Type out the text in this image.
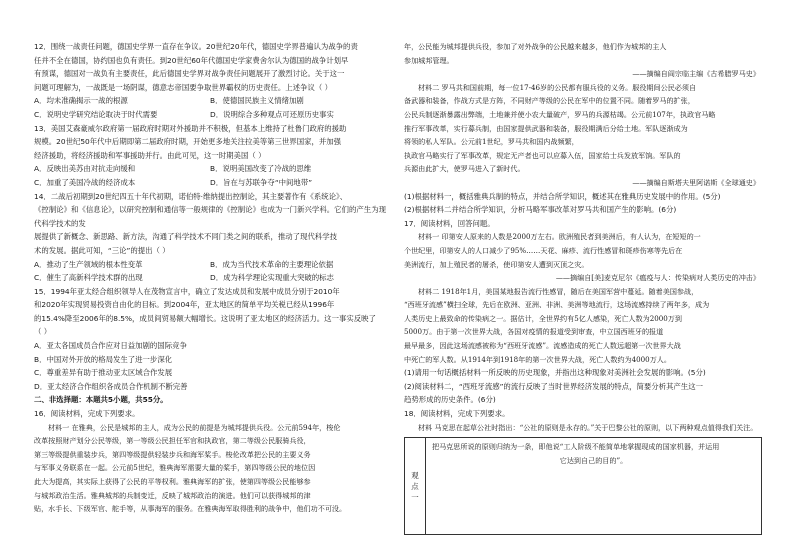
12．围绕一战责任问题，德国史学界一直存在争议。20世纪20年代，德国史学界普遍认为战争的责

任并不全在德国，协约国也负有责任。到20世纪60年代德国史学家费舍尔认为德国的战争计划早

有预谋，德国对一战负有主要责任，此后德国史学界对战争责任问题展开了激烈讨论。关于这一

问题可理解为，一战既是一场阴谋，德意志帝国要争取世界霸权的历史责任。上述争议（ ）

A．均未准确揭示一战的根源	B．使德国民族主义情绪加剧
C．说明史学研究结论取决于时代需要	D．说明综合多种观点可还原历史事实

13．美国艾森豪威尔政府第一届政府时期对外援助并不积极，但基本上维持了杜鲁门政府的援助

规模。20世纪50年代中后期即第二届政府时期，开始更多地关注拉美等第三世界国家，并加强

经济援助，将经济援助和军事援助并行。由此可见，这一时期美国（ ）

A．反映出美苏由对抗走向缓和	B．说明美国改变了冷战的思维
C．加重了美国冷战的经济成本	D．旨在与苏联争夺“中间地带”

14．二战后初期到20世纪四五十年代初期，诺伯特·维纳提出控制论，其主要著作有《系统论》、

《控制论》和《信息论》，以研究控制和通信等一般规律的《控制论》也成为一门新兴学科。它们的产生为现代科学技术的发

展提供了新概念、新思路、新方法，沟通了科学技术不同门类之间的联系，推动了现代科学技

术的发展。据此可知，“三论”的提出（ ）

A．推动了生产领域的根本性变革	B．成为当代技术革命的主要理论依据
C．催生了高新科学技术群的出现	D．成为科学理论实现重大突破的标志

15．1994年亚太经合组织领导人在茂物宣言中，确立了发达成员和发展中成员分别于2010年

和2020年实现贸易投资自由化的目标。到2004年，亚太地区的简单平均关税已经从1996年

的15.4%降至2006年的8.5%，成员间贸易额大幅增长。这说明了亚太地区的经济活力。这一事实反映了

（ ）

A．亚太各国成员合作应对日益加剧的国际竞争

B．中国对外开放的格局发生了进一步深化

C．尊重差异有助于推动亚太区域合作发展

D．亚太经济合作组织各成员合作机制不断完善

二、非选择题：本题共5小题，共55分。

16．阅读材料，完成下列要求。

材料一 在雅典，公民是城邦的主人，成为公民的前提是为城邦提供兵役。公元前594年，梭伦

改革按照财产划分公民等级，第一等级公民担任军官和执政官，第二等级公民服骑兵役，

第三等级提供重装步兵，第四等级提供轻装步兵和海军桨手。梭伦改革把公民的主要义务

与军事义务联系在一起。公元前5世纪，雅典海军需要大量的桨手，第四等级公民的地位因

此大为提高，其实际上获得了公民的平等权利。雅典海军的扩张，使第四等级公民能够参

与城邦政治生活。雅典城邦的兵制变迁，反映了城邦政治的演进。他们可以获得城邦的津

贴，水手长、下级军官、舵手等，从事海军的服务。在雅典海军取得胜利的战争中，他们功不可没。

年，公民能为城邦提供兵役，参加了对外战争的公民越来越多，他们作为城邦的主人

参加城邦管理。

——摘编自阎宗临主编《古希腊罗马史》

材料二 罗马共和国前期，每一位17-46岁的公民都有服兵役的义务。服役期间公民必须自

备武器和装备，作战方式是方阵，不同财产等级的公民在军中的位置不同。随着罗马的扩张，

公民兵制逐渐暴露出弊端，土地兼并使小农大量破产，罗马的兵源枯竭。公元前107年，执政官马略

推行军事改革，实行募兵制，由国家提供武器和装备，服役期满后分给土地。军队逐渐成为

将领的私人军队。公元前1世纪，罗马共和国内战频繁，

执政官马略实行了军事改革，规定无产者也可以应募入伍，国家给士兵发放军饷。军队的

兵源由此扩大，使罗马进入了新时代。

——摘编自斯塔夫里阿诺斯《全球通史》

(1)根据材料一，概括雅典兵制的特点，并结合所学知识，概述其在雅典历史发展中的作用。(5分)

(2)根据材料二并结合所学知识，分析马略军事改革对罗马共和国产生的影响。(6分)

17．阅读材料，回答问题。

材料一 印第安人原来的人数是2000万左右。欧洲殖民者到美洲后，有人认为，在短短的一

个世纪里，印第安人的人口减少了95%……天花、麻疹、流行性感冒和斑疹伤寒等先后在

美洲流行，加上殖民者的屠杀，使印第安人遭到灭顶之灾。

——摘编自[美]麦克尼尔《瘟疫与人：传染病对人类历史的冲击》

材料二 1918年1月，美国某地报告流行性感冒，随后在美国军营中蔓延。随着美国参战，

“西班牙流感”横扫全球，先后在欧洲、亚洲、非洲、美洲等地流行，这场流感持续了两年多，成为

人类历史上最致命的传染病之一。据估计，全世界约有5亿人感染，死亡人数为2000万到

5000万。由于第一次世界大战，各国对疫情的报道受到审查，中立国西班牙的报道

最早最多，因此这场流感被称为“西班牙流感”。流感造成的死亡人数远超第一次世界大战

中死亡的军人数。从1914年到1918年的第一次世界大战，死亡人数约为4000万人。

(1)请用一句话概括材料一所反映的历史现象，并指出这种现象对美洲社会发展的影响。(5分)

(2)阅读材料二，“西班牙流感”的流行反映了当时世界经济发展的特点，简要分析其产生这一

趋势形成的历史条件。(6分)

18．阅读材料，完成下列要求。

材料 马克思在起草公社时指出：“公社的原则是永存的。”关于巴黎公社的原则，以下两种观点值得我们关注。

观
点
一

把马克思所说的原则归纳为一条，即他说“工人阶级不能简单地掌握现成的国家机器，并运用

它达到自己的目的”。
